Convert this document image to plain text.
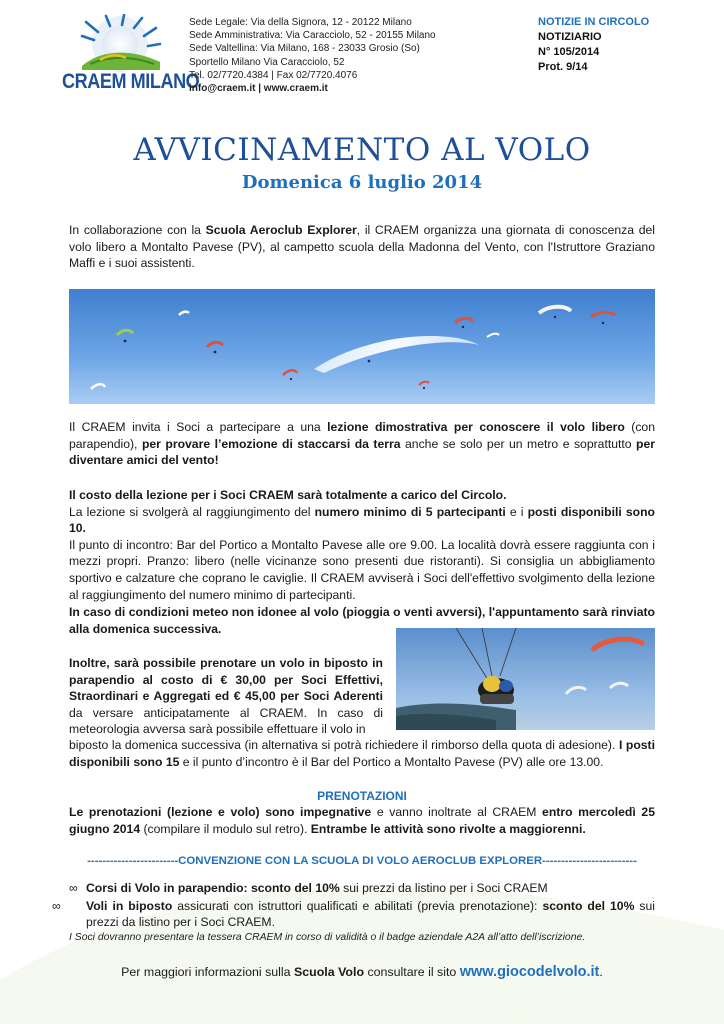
CRAEM MILANO
Sede Legale: Via della Signora, 12 - 20122 Milano
Sede Amministrativa: Via Caracciolo, 52 - 20155 Milano
Sede Valtellina: Via Milano, 168 - 23033 Grosio (So)
Sportello Milano Via Caracciolo, 52
Tel. 02/7720.4384 | Fax 02/7720.4076
info@craem.it | www.craem.it
NOTIZIE IN CIRCOLO
NOTIZIARIO
N° 105/2014
Prot. 9/14
AVVICINAMENTO AL VOLO
Domenica 6 luglio 2014
In collaborazione con la Scuola Aeroclub Explorer, il CRAEM organizza una giornata di conoscenza del volo libero a Montalto Pavese (PV), al campetto scuola della Madonna del Vento, con l'Istruttore Graziano Maffi e i suoi assistenti.
Il CRAEM invita i Soci a partecipare a una lezione dimostrativa per conoscere il volo libero (con parapendio), per provare l’emozione di staccarsi da terra anche se solo per un metro e soprattutto per diventare amici del vento!
Il costo della lezione per i Soci CRAEM sarà totalmente a carico del Circolo.
La lezione si svolgerà al raggiungimento del numero minimo di 5 partecipanti e i posti disponibili sono 10.
Il punto di incontro: Bar del Portico a Montalto Pavese alle ore 9.00. La località dovrà essere raggiunta con i mezzi propri. Pranzo: libero (nelle vicinanze sono presenti due ristoranti). Si consiglia un abbigliamento sportivo e calzature che coprano le caviglie. Il CRAEM avviserà i Soci dell'effettivo svolgimento della lezione al raggiungimento del numero minimo di partecipanti.
In caso di condizioni meteo non idonee al volo (pioggia o venti avversi), l'appuntamento sarà rinviato alla domenica successiva.
Inoltre, sarà possibile prenotare un volo in biposto in parapendio al costo di € 30,00 per Soci Effettivi, Straordinari e Aggregati ed € 45,00 per Soci Aderenti da versare anticipatamente al CRAEM. In caso di meteorologia avversa sarà possibile effettuare il volo in
biposto la domenica successiva (in alternativa si potrà richiedere il rimborso della quota di adesione). I posti disponibili sono 15 e il punto d’incontro è il Bar del Portico a Montalto Pavese (PV) alle ore 13.00.
PRENOTAZIONI
Le prenotazioni (lezione e volo) sono impegnative e vanno inoltrate al CRAEM entro mercoledì 25 giugno 2014 (compilare il modulo sul retro). Entrambe le attività sono rivolte a maggiorenni.
------------------------CONVENZIONE CON LA SCUOLA DI VOLO AEROCLUB EXPLORER-------------------------
∞ Corsi di Volo in parapendio: sconto del 10% sui prezzi da listino per i Soci CRAEM
∞ Voli in biposto assicurati con istruttori qualificati e abilitati (previa prenotazione): sconto del 10% sui prezzi da listino per i Soci CRAEM.
I Soci dovranno presentare la tessera CRAEM in corso di validità o il badge aziendale A2A all’atto dell’iscrizione.
Per maggiori informazioni sulla Scuola Volo consultare il sito www.giocodelvolo.it.
